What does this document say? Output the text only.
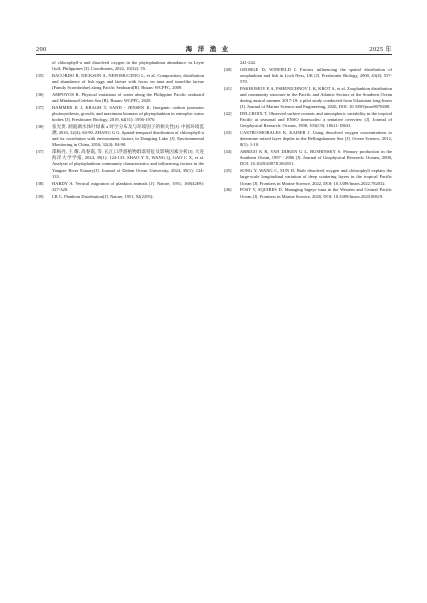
200	海 洋 渔 业	2025 年
of chlorophyll-a and dissolved oxygen in the phytoplankton abundance in Leyte Gulf, Philippines [J]. Coordinates, 2022, 10(32): 55.
[35]	BACORDO R, DICKSON A, NEPOMUCENO L, et al. Composition, distribution and abundance of fish eggs and larvae with focus on tuna and tuna-like larvae (Family Scombridae) along Pacific Seaboard[R]. Busan: WCPFC, 2009.
[36]	AMPOYOS R. Physical variations of water along the Philippine Pacific seaboard and Mindanao/Celebes Sea [R]. Busan: WCPFC, 2020.
[37]	HAMMER K J, KRAGH T, SAND - JENSEN K. Inorganic carbon promotes photosynthesis, growth, and maximum biomass of phytoplankton in eutrophic water bodies [J]. Freshwater Biology, 2019, 64(11): 1956-1970.
[38]	张光贵. 洞庭湖水体叶绿素 a 时空分布及与环境因子的相关性[J]. 中国环境监测, 2016, 32(4): 84-90. ZHANG G G. Spatial-temporal distribution of chlorophyll-a and its correlation with environment factors in Dongting Lake [J]. Environmental Monitoring in China, 2016, 32(4): 84-90.
[37]	邵梅亮, 王 耀, 高春霞, 等. 长江口浮游植物群落特征及影响因素分析[J]. 大连海洋大学学报, 2024, 39(1): 124-133. SHAO Y X, WANG Q, GAO C X, et al. Analysis of phytoplankton community characteristics and influencing factors in the Yangtze River Estuary[J]. Journal of Dalian Ocean University, 2024, 39(1): 124-133.
[38]	HARDY A. Vertical migration of plankton animals [J]. Nature, 1951, 168(4269): 327-328.
[39]	LR C. Plankton Distribution[J]. Nature, 1951, 92(2295):
241-242.
[40]	GEORGE D, WINFIELD I. Factors influencing the spatial distribution of zooplankton and fish in Loch Ness, UK [J]. Freshwater Biology, 2000, 43(4): 557-570.
[41]	PAKHOMOV E A, PSHENICHNOV L K, KROT A, et al. Zooplankton distribution and community structure in the Pacific and Atlantic Sectors of the Southern Ocean during austral summer 2017-18: a pilot study conducted from Ukrainian long-liners [J]. Journal of Marine Science and Engineering, 2020, DOI: 10.3390/jmse8070488.
[42]	DELCROIX T. Observed surface oceanic and atmospheric variability in the tropical Pacific at seasonal and ENSO timescales: a tentative overview [J]. Journal of Geophysical Research: Oceans, 1998, 103(C9): 18611-18633.
[43]	CASTRO-MORALES K, KAISER J. Using dissolved oxygen concentrations to determine mixed layer depths in the Bellingshausen Sea [J]. Ocean Science, 2012, 8(1): 1-10.
[44]	ARRIGO K R, VAN DIJKEN G L, BUSHINSKY S. Primary production in the Southern Ocean, 1997 - 2006 [J]. Journal of Geophysical Research: Oceans, 2008, DOI: 10.1029/2007JC004551.
[45]	SONG Y, WANG C, SUN D. Both dissolved oxygen and chlorophyll explain the large-scale longitudinal variation of deep scattering layers in the tropical Pacific Ocean [J]. Frontiers in Marine Science, 2022, DOI: 10.3389/fmars.2022.782032.
[46]	POST V, SQUIRES D. Managing bigeye tuna in the Western and Central Pacific Ocean [J]. Frontiers in Marine Science, 2020, DOI: 10.3389/fmars.2020.00619.
